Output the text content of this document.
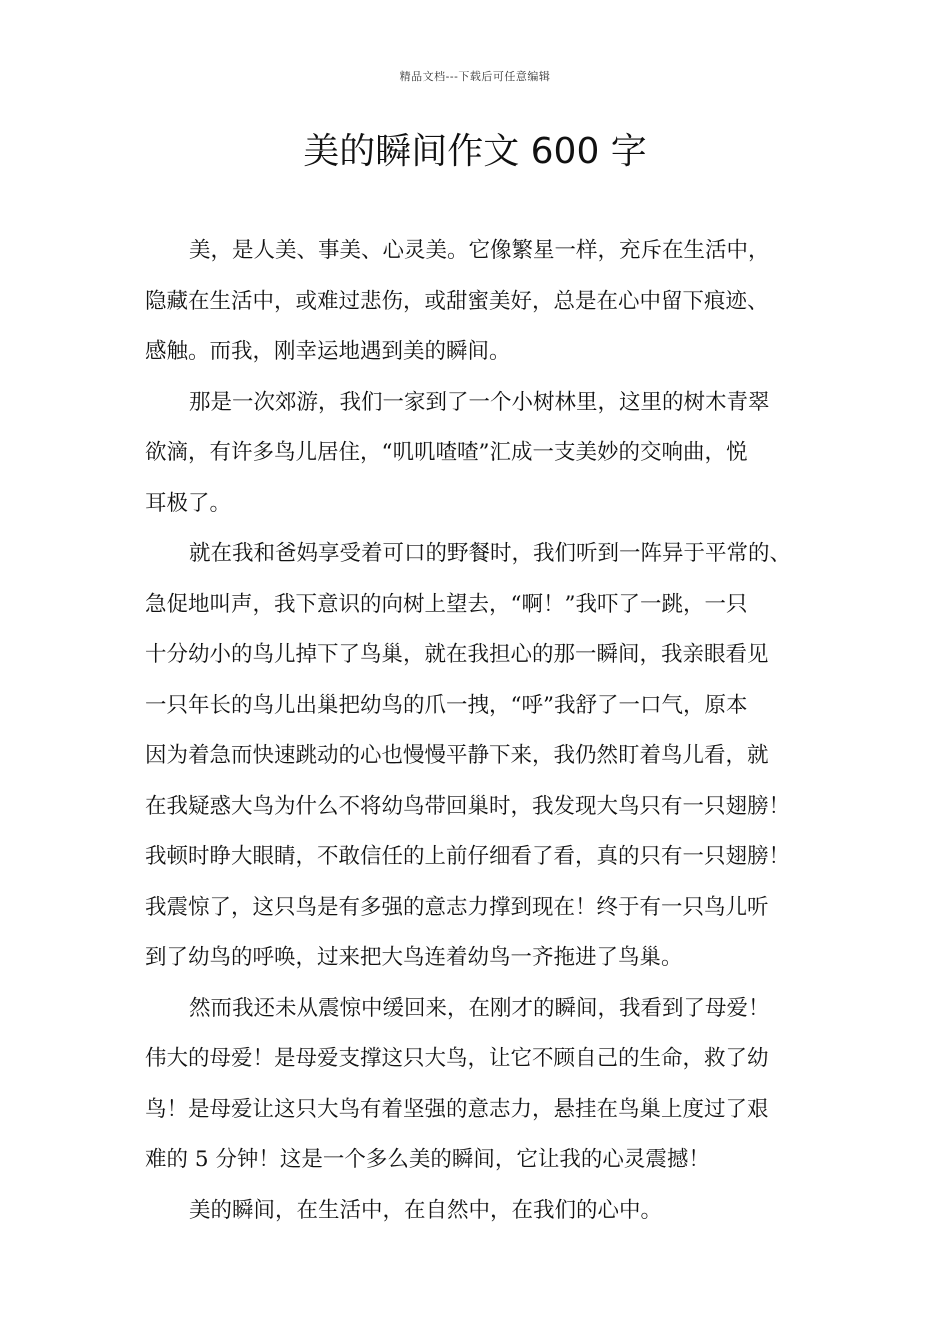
精品文档---下载后可任意编辑
美的瞬间作文 600 字

美，是人美、事美、心灵美。它像繁星一样，充斥在生活中，
隐藏在生活中，或难过悲伤，或甜蜜美好，总是在心中留下痕迹、
感触。而我，刚幸运地遇到美的瞬间。

那是一次郊游，我们一家到了一个小树林里，这里的树木青翠
欲滴，有许多鸟儿居住，“叽叽喳喳”汇成一支美妙的交响曲，悦
耳极了。

就在我和爸妈享受着可口的野餐时，我们听到一阵异于平常的、
急促地叫声，我下意识的向树上望去，“啊！”我吓了一跳，一只
十分幼小的鸟儿掉下了鸟巢，就在我担心的那一瞬间，我亲眼看见
一只年长的鸟儿出巢把幼鸟的爪一拽，“呼”我舒了一口气，原本
因为着急而快速跳动的心也慢慢平静下来，我仍然盯着鸟儿看，就
在我疑惑大鸟为什么不将幼鸟带回巢时，我发现大鸟只有一只翅膀！
我顿时睁大眼睛，不敢信任的上前仔细看了看，真的只有一只翅膀！
我震惊了，这只鸟是有多强的意志力撑到现在！终于有一只鸟儿听
到了幼鸟的呼唤，过来把大鸟连着幼鸟一齐拖进了鸟巢。

然而我还未从震惊中缓回来，在刚才的瞬间，我看到了母爱！
伟大的母爱！是母爱支撑这只大鸟，让它不顾自己的生命，救了幼
鸟！是母爱让这只大鸟有着坚强的意志力，悬挂在鸟巢上度过了艰
难的 5 分钟！这是一个多么美的瞬间，它让我的心灵震撼！

美的瞬间，在生活中，在自然中，在我们的心中。
